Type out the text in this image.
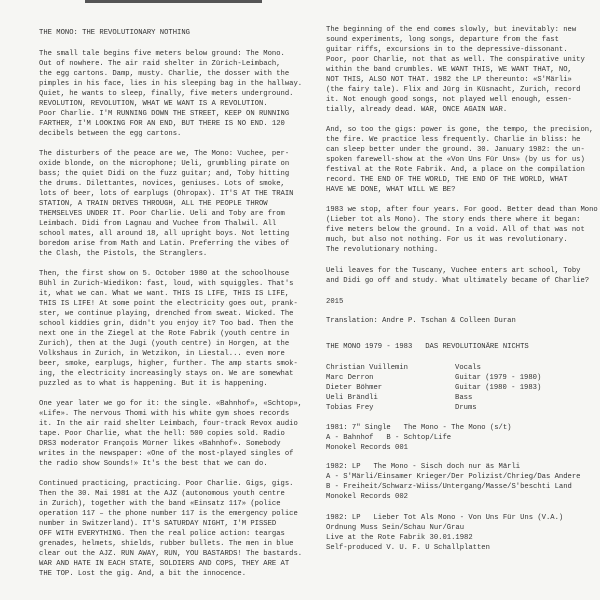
THE MONO: THE REVOLUTIONARY NOTHING
The small tale begins five meters below ground: The Mono.
Out of nowhere. The air raid shelter in Zürich-Leimbach,
the egg cartons. Damp, musty. Charlie, the dosser with the
pimples in his face, lies in his sleeping bag in the hallway.
Quiet, he wants to sleep, finally, five meters underground.
REVOLUTION, REVOLUTION, WHAT WE WANT IS A REVOLUTION.
Poor Charlie. I'M RUNNING DOWN THE STREET, KEEP ON RUNNING
FARTHER, I'M LOOKING FOR AN END, BUT THERE IS NO END. 120
decibels between the egg cartons.
The disturbers of the peace are we, The Mono: Vuchee, per-
oxide blonde, on the microphone; Ueli, grumbling pirate on
bass; the quiet Didi on the fuzz guitar; and, Toby hitting
the drums. Dilettantes, novices, geniuses. Lots of smoke,
lots of beer, lots of earplugs (Ohropax). IT'S AT THE TRAIN
STATION, A TRAIN DRIVES THROUGH, ALL THE PEOPLE THROW
THEMSELVES UNDER IT. Poor Charlie. Ueli and Toby are from
Leimbach. Didi from Lagnau and Vuchee from Thalwil. All
school mates, all around 18, all upright boys. Not letting
boredom arise from Math and Latin. Preferring the vibes of
the Clash, the Pistols, the Stranglers.
Then, the first show on 5. October 1980 at the schoolhouse
Bühl in Zurich-Wiedikon: fast, loud, with squiggles. That's
it, what we can. What we want. THIS IS LIFE, THIS IS LIFE,
THIS IS LIFE! At some point the electricity goes out, prank-
ster, we continue playing, drenched from sweat. Wicked. The
school kiddies grin, didn't you enjoy it? Too bad. Then the
next one in the Ziegel at the Rote Fabrik (youth centre in
Zurich), then at the Jugi (youth centre) in Horgen, at the
Volkshaus in Zurich, in Wetzikon, in Liestal... even more
beer, smoke, earplugs, higher, further. The amp starts smok-
ing, the electricity increasingly stays on. We are somewhat
puzzled as to what is happening. But it is happening.
One year later we go for it: the single. «Bahnhof», «Schtop»,
«Life». The nervous Thomi with his white gym shoes records
it. In the air raid shelter Leimbach, four-track Revox audio
tape. Poor Charlie, what the hell: 500 copies sold. Radio
DRS3 moderator François Mürner likes «Bahnhof». Somebody
writes in the newspaper: «One of the most-played singles of
the radio show Sounds!» It's the best that we can do.
Continued practicing, practicing. Poor Charlie. Gigs, gigs.
Then the 30. Mai 1981 at the AJZ (autonomous youth centre
in Zurich), together with the band «Einsatz 117» (police
operation 117 – the phone number 117 is the emergency police
number in Switzerland). IT'S SATURDAY NIGHT, I'M PISSED
OFF WITH EVERYTHING. Then the real police action: teargas
grenades, helmets, shields, rubber bullets. The men in blue
clear out the AJZ. RUN AWAY, RUN, YOU BASTARDS! The bastards.
WAR AND HATE IN EACH STATE, SOLDIERS AND COPS, THEY ARE AT
THE TOP. Lost the gig. And, a bit the innocence.
The beginning of the end comes slowly, but inevitably: new
sound experiments, long songs, departure from the fast
guitar riffs, excursions in to the depressive-dissonant.
Poor, poor Charlie, not that as well. The conspirative unity
within the band crumbles. WE WANT THIS, WE WANT THAT, NO,
NOT THIS, ALSO NOT THAT. 1982 the LP thereunto: «S'Märli»
(the fairy tale). Flix and Jürg in Küsnacht, Zurich, record
it. Not enough good songs, not played well enough, essen-
tially, already dead. WAR, ONCE AGAIN WAR.
And, so too the gigs: power is gone, the tempo, the precision,
the fire. We practice less frequently. Charlie in bliss: he
can sleep better under the ground. 30. January 1982: the un-
spoken farewell-show at the «Von Uns Für Uns» (by us for us)
festival at the Rote Fabrik. And, a place on the compilation
record. THE END OF THE WORLD, THE END OF THE WORLD, WHAT
HAVE WE DONE, WHAT WILL WE BE?
1983 we stop, after four years. For good. Better dead than Mono
(Lieber tot als Mono). The story ends there where it began:
five meters below the ground. In a void. All of that was not
much, but also not nothing. For us it was revolutionary.
The revolutionary nothing.
Ueli leaves for the Tuscany, Vuchee enters art school, Toby
and Didi go off and study. What ultimately became of Charlie?
2015
Translation: Andre P. Tschan & Colleen Duran
THE MONO 1979 - 1983   DAS REVOLUTIONÄRE NICHTS
Christian Vuillemin	Vocals
Marc Derron	Guitar (1979 - 1980)
Dieter Böhmer	Guitar (1980 - 1983)
Ueli Brändli	Bass
Tobias Frey	Drums
1981: 7" Single   The Mono - The Mono (s/t)
A - Bahnhof   B - Schtop/Life
Monokel Records 001
1982: LP   The Mono - Sisch doch nur äs Märli
A - S'Märli/Einsamer Krieger/Der Polizist/Chrieg/Das Andere
B - Freiheit/Schwarz-Wiiss/Untergang/Masse/S'beschti Land
Monokel Records 002
1982: LP   Lieber Tot Als Mono - Von Uns Für Uns (V.A.)
Ordnung Muss Sein/Schau Nur/Grau
Live at the Rote Fabrik 30.01.1982
Self-produced V. U. F. U Schallplatten
